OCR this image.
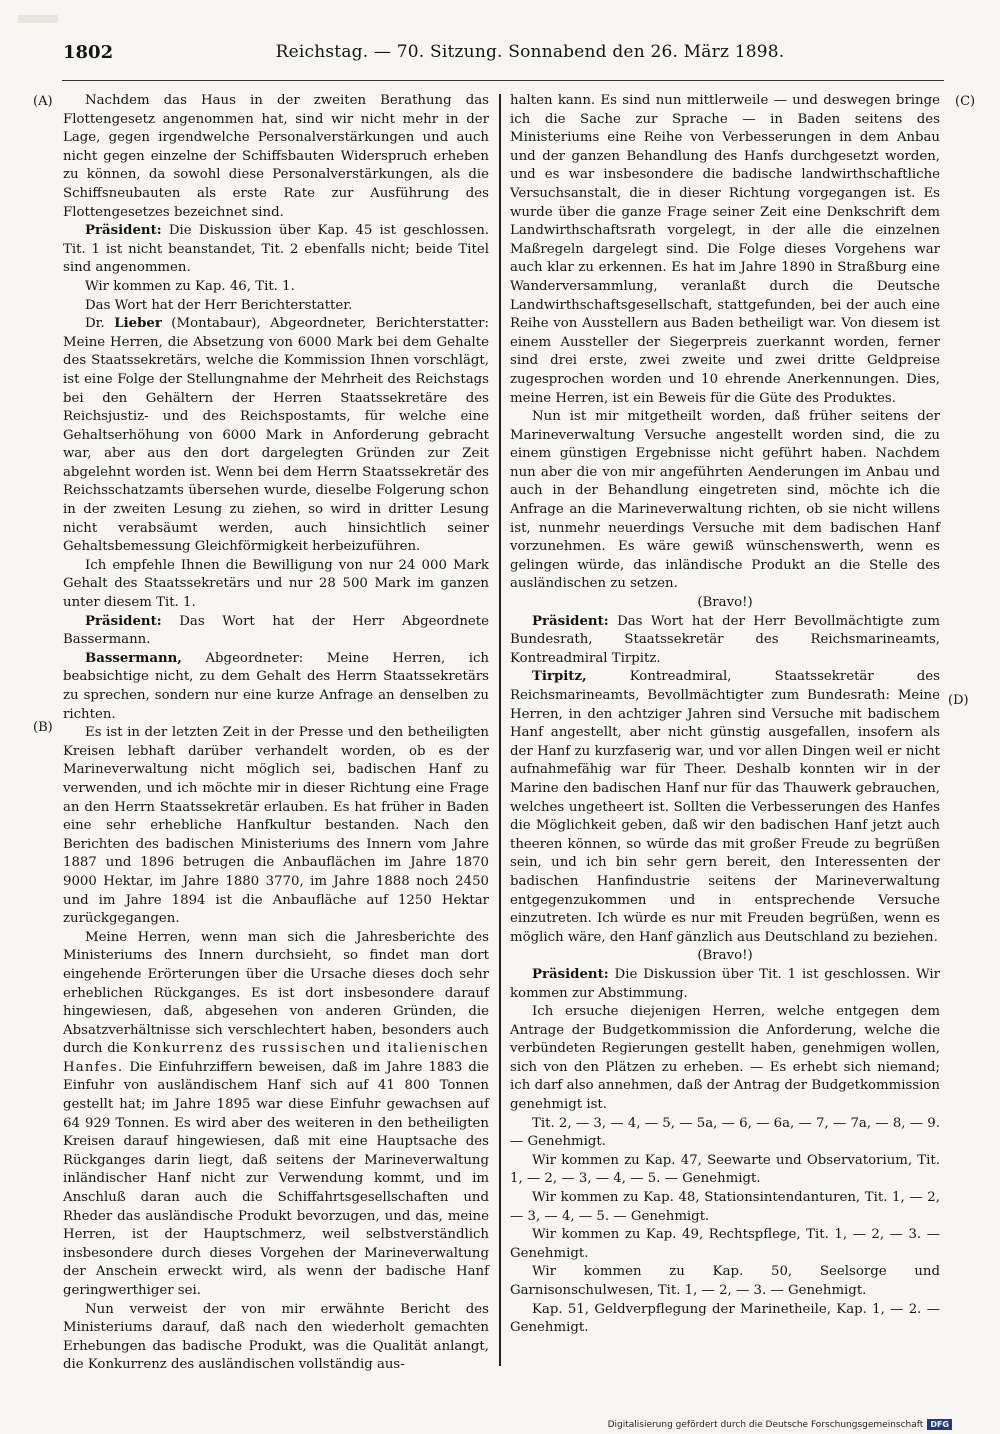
1802	Reichstag. — 70. Sitzung. Sonnabend den 26. März 1898.
(A)
(B)
(C)
(D)

Nachdem das Haus in der zweiten Berathung das Flottengesetz angenommen hat, sind wir nicht mehr in der Lage, gegen irgendwelche Personalverstärkungen und auch nicht gegen einzelne der Schiffsbauten Widerspruch erheben zu können, da sowohl diese Personalverstärkungen, als die Schiffsneubauten als erste Rate zur Ausführung des Flottengesetzes bezeichnet sind.

Präsident: Die Diskussion über Kap. 45 ist geschlossen. Tit. 1 ist nicht beanstandet, Tit. 2 ebenfalls nicht; beide Titel sind angenommen.

Wir kommen zu Kap. 46, Tit. 1.

Das Wort hat der Herr Berichterstatter.

Dr. Lieber (Montabaur), Abgeordneter, Berichterstatter: Meine Herren, die Absetzung von 6000 Mark bei dem Gehalte des Staatssekretärs, welche die Kommission Ihnen vorschlägt, ist eine Folge der Stellungnahme der Mehrheit des Reichstags bei den Gehältern der Herren Staatssekretäre des Reichsjustiz- und des Reichspostamts, für welche eine Gehaltserhöhung von 6000 Mark in Anforderung gebracht war, aber aus den dort dargelegten Gründen zur Zeit abgelehnt worden ist. Wenn bei dem Herrn Staatssekretär des Reichsschatzamts übersehen wurde, dieselbe Folgerung schon in der zweiten Lesung zu ziehen, so wird in dritter Lesung nicht verabsäumt werden, auch hinsichtlich seiner Gehaltsbemessung Gleichförmigkeit herbeizuführen.

Ich empfehle Ihnen die Bewilligung von nur 24 000 Mark Gehalt des Staatssekretärs und nur 28 500 Mark im ganzen unter diesem Tit. 1.

Präsident: Das Wort hat der Herr Abgeordnete Bassermann.

Bassermann, Abgeordneter: Meine Herren, ich beabsichtige nicht, zu dem Gehalt des Herrn Staatssekretärs zu sprechen, sondern nur eine kurze Anfrage an denselben zu richten.

Es ist in der letzten Zeit in der Presse und den betheiligten Kreisen lebhaft darüber verhandelt worden, ob es der Marineverwaltung nicht möglich sei, badischen Hanf zu verwenden, und ich möchte mir in dieser Richtung eine Frage an den Herrn Staatssekretär erlauben. Es hat früher in Baden eine sehr erhebliche Hanfkultur bestanden. Nach den Berichten des badischen Ministeriums des Innern vom Jahre 1887 und 1896 betrugen die Anbauflächen im Jahre 1870 9000 Hektar, im Jahre 1880 3770, im Jahre 1888 noch 2450 und im Jahre 1894 ist die Anbaufläche auf 1250 Hektar zurückgegangen.

Meine Herren, wenn man sich die Jahresberichte des Ministeriums des Innern durchsieht, so findet man dort eingehende Erörterungen über die Ursache dieses doch sehr erheblichen Rückganges. Es ist dort insbesondere darauf hingewiesen, daß, abgesehen von anderen Gründen, die Absatzverhältnisse sich verschlechtert haben, besonders auch durch die Konkurrenz des russischen und italienischen Hanfes. Die Einfuhrziffern beweisen, daß im Jahre 1883 die Einfuhr von ausländischem Hanf sich auf 41 800 Tonnen gestellt hat; im Jahre 1895 war diese Einfuhr gewachsen auf 64 929 Tonnen. Es wird aber des weiteren in den betheiligten Kreisen darauf hingewiesen, daß mit eine Hauptsache des Rückganges darin liegt, daß seitens der Marineverwaltung inländischer Hanf nicht zur Verwendung kommt, und im Anschluß daran auch die Schiffahrtsgesellschaften und Rheder das ausländische Produkt bevorzugen, und das, meine Herren, ist der Hauptschmerz, weil selbstverständlich insbesondere durch dieses Vorgehen der Marineverwaltung der Anschein erweckt wird, als wenn der badische Hanf geringwerthiger sei.

Nun verweist der von mir erwähnte Bericht des Ministeriums darauf, daß nach den wiederholt gemachten Erhebungen das badische Produkt, was die Qualität anlangt, die Konkurrenz des ausländischen vollständig aus-

halten kann. Es sind nun mittlerweile — und deswegen bringe ich die Sache zur Sprache — in Baden seitens des Ministeriums eine Reihe von Verbesserungen in dem Anbau und der ganzen Behandlung des Hanfs durchgesetzt worden, und es war insbesondere die badische landwirthschaftliche Versuchsanstalt, die in dieser Richtung vorgegangen ist. Es wurde über die ganze Frage seiner Zeit eine Denkschrift dem Landwirthschaftsrath vorgelegt, in der alle die einzelnen Maßregeln dargelegt sind. Die Folge dieses Vorgehens war auch klar zu erkennen. Es hat im Jahre 1890 in Straßburg eine Wanderversammlung, veranlaßt durch die Deutsche Landwirthschaftsgesellschaft, stattgefunden, bei der auch eine Reihe von Ausstellern aus Baden betheiligt war. Von diesem ist einem Aussteller der Siegerpreis zuerkannt worden, ferner sind drei erste, zwei zweite und zwei dritte Geldpreise zugesprochen worden und 10 ehrende Anerkennungen. Dies, meine Herren, ist ein Beweis für die Güte des Produktes.

Nun ist mir mitgetheilt worden, daß früher seitens der Marineverwaltung Versuche angestellt worden sind, die zu einem günstigen Ergebnisse nicht geführt haben. Nachdem nun aber die von mir angeführten Aenderungen im Anbau und auch in der Behandlung eingetreten sind, möchte ich die Anfrage an die Marineverwaltung richten, ob sie nicht willens ist, nunmehr neuerdings Versuche mit dem badischen Hanf vorzunehmen. Es wäre gewiß wünschenswerth, wenn es gelingen würde, das inländische Produkt an die Stelle des ausländischen zu setzen.

(Bravo!)

Präsident: Das Wort hat der Herr Bevollmächtigte zum Bundesrath, Staatssekretär des Reichsmarineamts, Kontreadmiral Tirpitz.

Tirpitz,	Kontreadmiral, Staatssekretär des Reichsmarineamts, Bevollmächtigter zum Bundesrath: Meine Herren, in den achtziger Jahren sind Versuche mit badischem Hanf angestellt, aber nicht günstig ausgefallen, insofern als der Hanf zu kurzfaserig war, und vor allen Dingen weil er nicht aufnahmefähig war für Theer. Deshalb konnten wir in der Marine den badischen Hanf nur für das Thauwerk gebrauchen, welches ungetheert ist. Sollten die Verbesserungen des Hanfes die Möglichkeit geben, daß wir den badischen Hanf jetzt auch theeren können, so würde das mit großer Freude zu begrüßen sein, und ich bin sehr gern bereit, den Interessenten der badischen Hanfindustrie seitens der Marineverwaltung entgegenzukommen und in entsprechende Versuche einzutreten. Ich würde es nur mit Freuden begrüßen, wenn es möglich wäre, den Hanf gänzlich aus Deutschland zu beziehen.

(Bravo!)

Präsident: Die Diskussion über Tit. 1 ist geschlossen. Wir kommen zur Abstimmung.

Ich ersuche diejenigen Herren, welche entgegen dem Antrage der Budgetkommission die Anforderung, welche die verbündeten Regierungen gestellt haben, genehmigen wollen, sich von den Plätzen zu erheben. — Es erhebt sich niemand; ich darf also annehmen, daß der Antrag der Budgetkommission genehmigt ist.

Tit. 2, — 3, — 4, — 5, — 5a, — 6, — 6a, — 7, — 7a, — 8, — 9. — Genehmigt.

Wir kommen zu Kap. 47, Seewarte und Observatorium, Tit. 1, — 2, — 3, — 4, — 5. — Genehmigt.

Wir kommen zu Kap. 48, Stationsintendanturen, Tit. 1, — 2, — 3, — 4, — 5. — Genehmigt.

Wir kommen zu Kap. 49, Rechtspflege, Tit. 1, — 2, — 3. — Genehmigt.

Wir kommen zu Kap. 50, Seelsorge und Garnisonschulwesen, Tit. 1, — 2, — 3. — Genehmigt.

Kap. 51, Geldverpflegung der Marinetheile, Kap. 1, — 2. — Genehmigt.

Digitalisierung gefördert durch die Deutsche Forschungsgemeinschaft DFG
